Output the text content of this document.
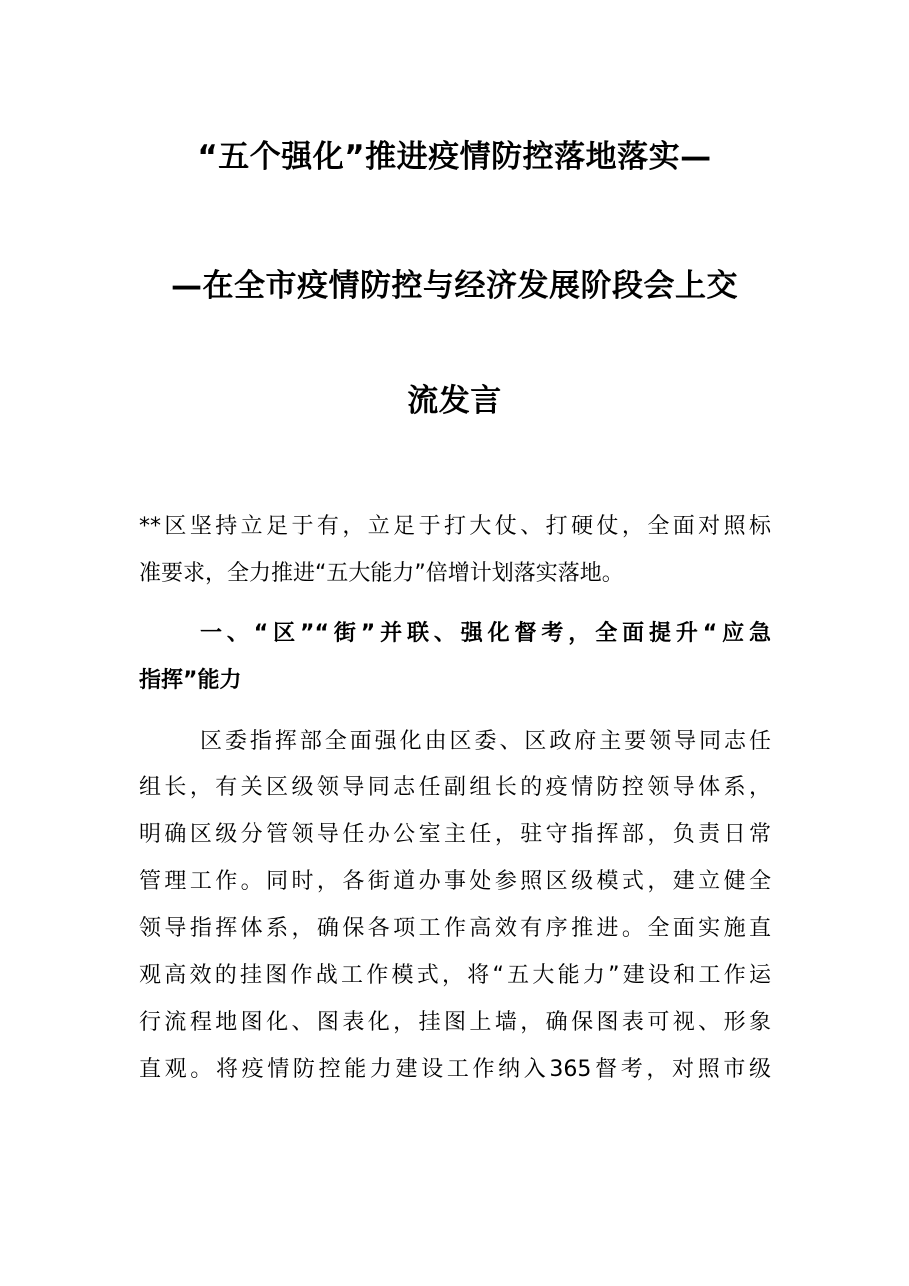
“五个强化”推进疫情防控落地落实—
—在全市疫情防控与经济发展阶段会上交
流发言
**区坚持立足于有，立足于打大仗、打硬仗，全面对照标
准要求，全力推进“五大能力”倍增计划落实落地。
一、“区”“街”并联、强化督考，全面提升“应急
指挥”能力
区委指挥部全面强化由区委、区政府主要领导同志任
组长，有关区级领导同志任副组长的疫情防控领导体系，
明确区级分管领导任办公室主任，驻守指挥部，负责日常
管理工作。同时，各街道办事处参照区级模式，建立健全
领导指挥体系，确保各项工作高效有序推进。全面实施直
观高效的挂图作战工作模式，将“五大能力”建设和工作运
行流程地图化、图表化，挂图上墙，确保图表可视、形象
直观。将疫情防控能力建设工作纳入365督考，对照市级
